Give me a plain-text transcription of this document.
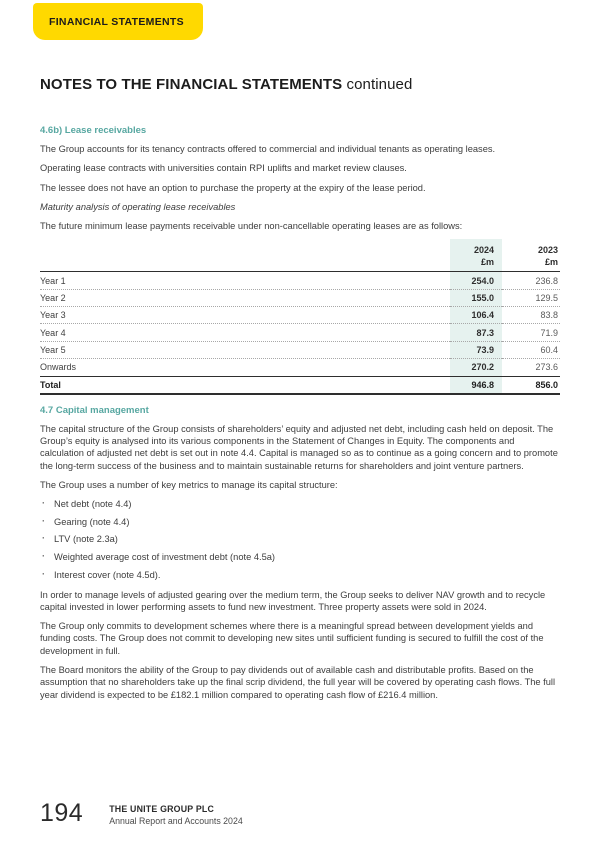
FINANCIAL STATEMENTS
NOTES TO THE FINANCIAL STATEMENTS continued
4.6b) Lease receivables

The Group accounts for its tenancy contracts offered to commercial and individual tenants as operating leases.

Operating lease contracts with universities contain RPI uplifts and market review clauses.

The lessee does not have an option to purchase the property at the expiry of the lease period.

Maturity analysis of operating lease receivables

The future minimum lease payments receivable under non-cancellable operating leases are as follows:

	2024	2023
	£m	£m
Year 1	254.0	236.8
Year 2	155.0	129.5
Year 3	106.4	83.8
Year 4	87.3	71.9
Year 5	73.9	60.4
Onwards	270.2	273.6
Total	946.8	856.0
4.7 Capital management

The capital structure of the Group consists of shareholders’ equity and adjusted net debt, including cash held on deposit. The Group’s equity is analysed into its various components in the Statement of Changes in Equity. The components and calculation of adjusted net debt is set out in note 4.4. Capital is managed so as to continue as a going concern and to promote the long-term success of the business and to maintain sustainable returns for shareholders and joint venture partners.

The Group uses a number of key metrics to manage its capital structure:

· Net debt (note 4.4)
· Gearing (note 4.4)
· LTV (note 2.3a)
· Weighted average cost of investment debt (note 4.5a)
· Interest cover (note 4.5d).

In order to manage levels of adjusted gearing over the medium term, the Group seeks to deliver NAV growth and to recycle capital invested in lower performing assets to fund new investment. Three property assets were sold in 2024.

The Group only commits to development schemes where there is a meaningful spread between development yields and funding costs. The Group does not commit to developing new sites until sufficient funding is secured to fulfill the cost of the development in full.

The Board monitors the ability of the Group to pay dividends out of available cash and distributable profits. Based on the assumption that no shareholders take up the final scrip dividend, the full year will be covered by operating cash flows. The full year dividend is expected to be £182.1 million compared to operating cash flow of £216.4 million.

194	THE UNITE GROUP PLC
Annual Report and Accounts 2024
